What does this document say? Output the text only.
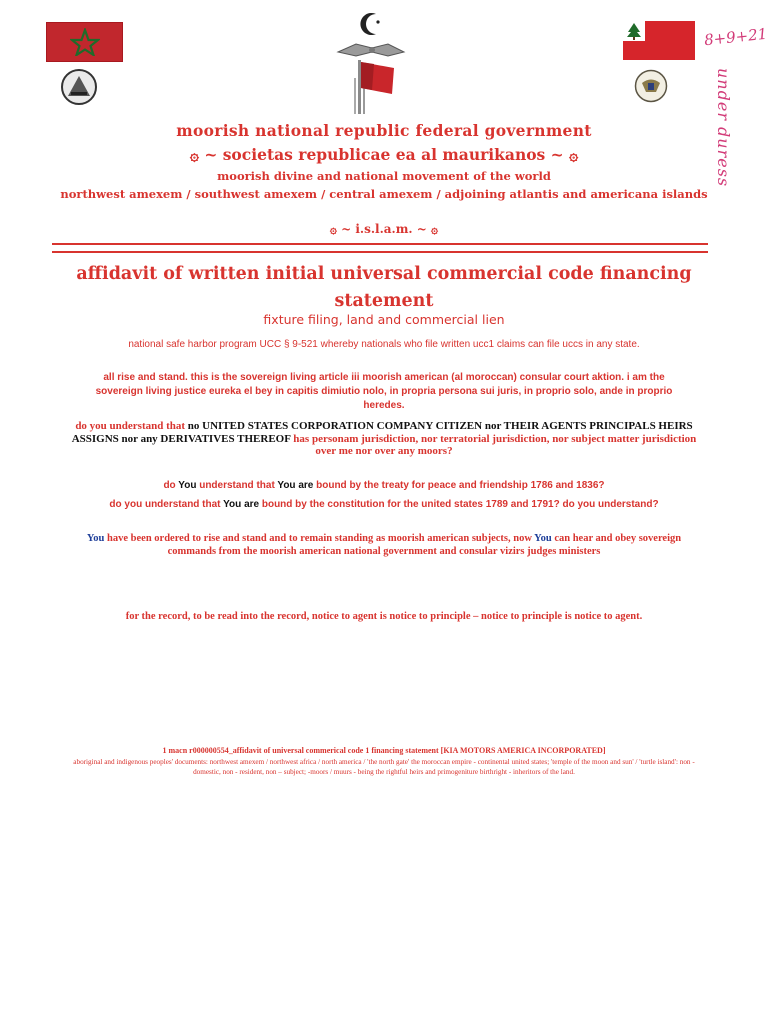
8+9+21
under duress
moorish national republic federal government
۞ ~ societas republicae ea al maurikanos ~ ۞
moorish divine and national movement of the world
northwest amexem / southwest amexem / central amexem / adjoining atlantis and americana islands
۞ ~ i.s.l.a.m. ~ ۞
affidavit of written initial universal commercial code financing statement
fixture filing, land and commercial lien
national safe harbor program UCC § 9-521 whereby nationals who file written ucc1 claims can file uccs in any state.
all rise and stand. this is the sovereign living article iii moorish american (al moroccan) consular court aktion. i am the sovereign living justice eureka el bey in capitis dimiutio nolo, in propria persona sui juris, in proprio solo, ande in proprio heredes.
do you understand that no UNITED STATES CORPORATION COMPANY CITIZEN nor THEIR AGENTS PRINCIPALS HEIRS ASSIGNS nor any DERIVATIVES THEREOF has personam jurisdiction, nor terratorial jurisdiction, nor subject matter jurisdiction over me nor over any moors?
do You understand that You are bound by the treaty for peace and friendship 1786 and 1836?
do you understand that You are bound by the constitution for the united states 1789 and 1791? do you understand?
You have been ordered to rise and stand and to remain standing as moorish american subjects, now You can hear and obey sovereign commands from the moorish american national government and consular vizirs judges ministers
for the record, to be read into the record, notice to agent is notice to principle – notice to principle is notice to agent.
1 macn r000000554_affidavit of universal commerical code 1 financing statement [KIA MOTORS AMERICA INCORPORATED]
aboriginal and indigenous peoples' documents: northwest amexem / northwest africa / north america / 'the north gate' the moroccan empire - continental united states; 'temple of the moon and sun' / 'turtle island': non - domestic, non - resident, non – subject; -moors / muurs - being the rightful heirs and primogeniture birthright - inheritors of the land.
